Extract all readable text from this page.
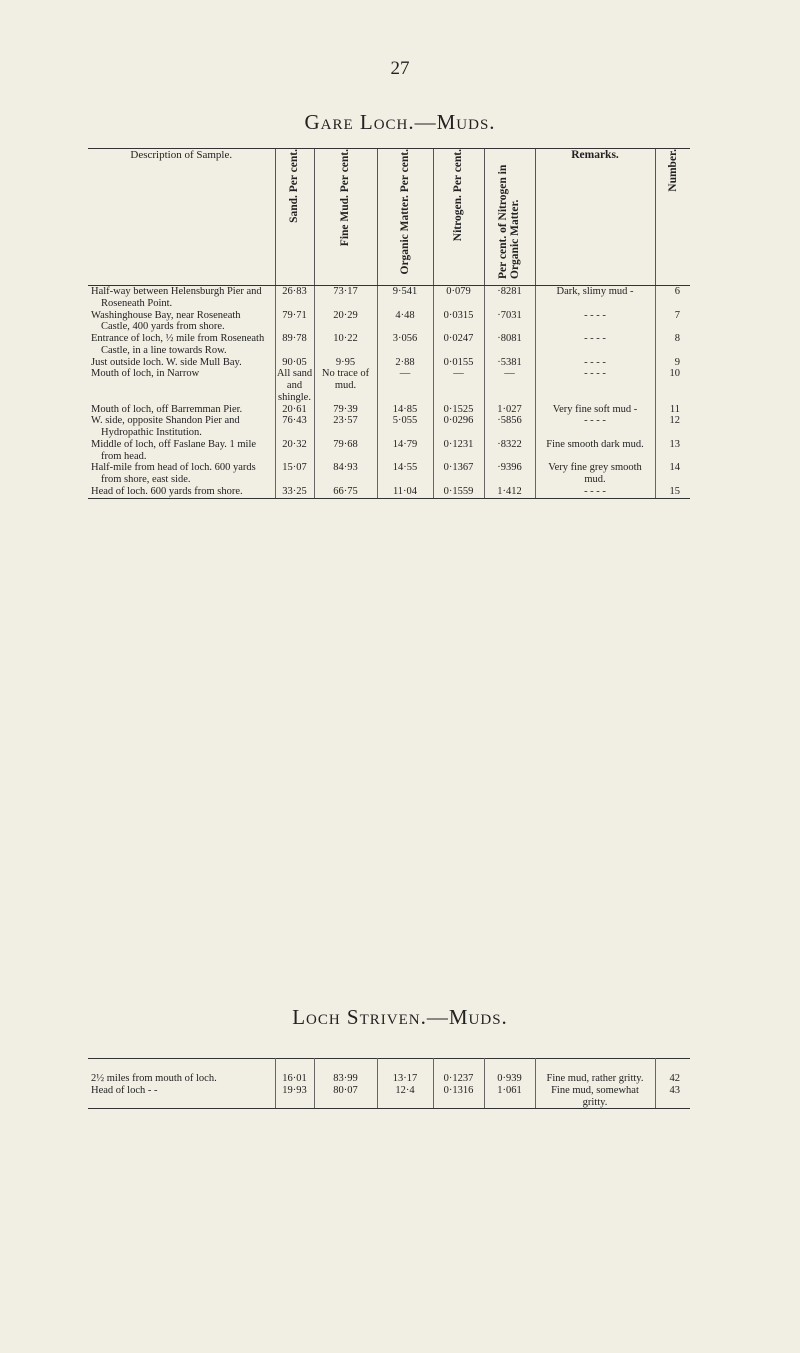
27
Gare Loch.—Muds.
Description of Sample.	Sand. Per cent.	Fine Mud. Per cent.	Organic Matter. Per cent.	Nitrogen. Per cent.	Per cent. of Nitrogen in Organic Matter.	Remarks.	Number.

Half-way between Helensburgh Pier and Roseneath Point.	26·83	73·17	9·541	0·079	·8281	Dark, slimy mud -	6

Washinghouse Bay, near Roseneath Castle, 400 yards from shore.	79·71	20·29	4·48	0·0315	·7031	- - - -	7

Entrance of loch, ½ mile from Roseneath Castle, in a line towards Row.	89·78	10·22	3·056	0·0247	·8081	- - - -	8

Just outside loch. W. side Mull Bay.	90·05	9·95	2·88	0·0155	·5381	- - - -	9

Mouth of loch, in Narrow	All sand and shingle.	No trace of mud.	—	—	—	- - - -	10

Mouth of loch, off Barremman Pier.	20·61	79·39	14·85	0·1525	1·027	Very fine soft mud -	11

W. side, opposite Shandon Pier and Hydropathic Institution.	76·43	23·57	5·055	0·0296	·5856	- - - -	12

Middle of loch, off Faslane Bay. 1 mile from head.	20·32	79·68	14·79	0·1231	·8322	Fine smooth dark mud.	13

Half-mile from head of loch. 600 yards from shore, east side.	15·07	84·93	14·55	0·1367	·9396	Very fine grey smooth mud.	14

Head of loch. 600 yards from shore.	33·25	66·75	11·04	0·1559	1·412	- - - -	15
Loch Striven.—Muds.
2½ miles from mouth of loch.	16·01	83·99	13·17	0·1237	0·939	Fine mud, rather gritty.	42

Head of loch - -	19·93	80·07	12·4	0·1316	1·061	Fine mud, somewhat gritty.	43
